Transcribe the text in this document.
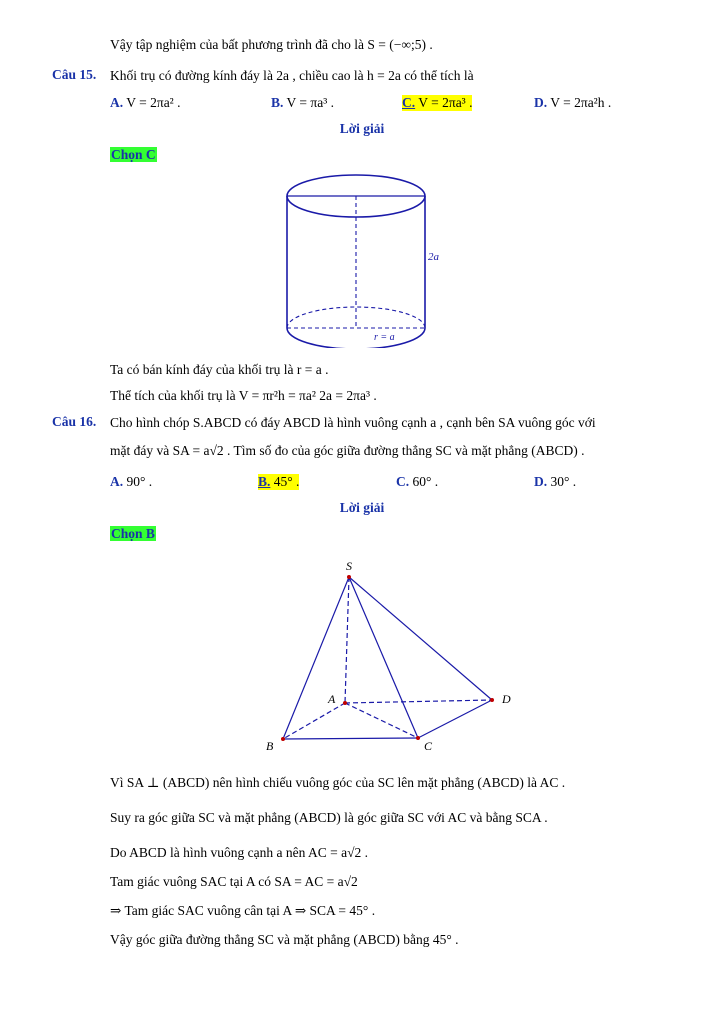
Vậy tập nghiệm của bất phương trình đã cho là S = (−∞;5) .
Câu 15. Khối trụ có đường kính đáy là 2a , chiều cao là h = 2a có thể tích là
A. V = 2πa² .	B. V = πa³ .	C. V = 2πa³ .	D. V = 2πa²h .
Lời giải
Chọn C
2a
r = a
Ta có bán kính đáy của khối trụ là r = a .
Thể tích của khối trụ là V = πr²h = πa² 2a = 2πa³ .
Câu 16. Cho hình chóp S.ABCD có đáy ABCD là hình vuông cạnh a , cạnh bên SA vuông góc với
mặt đáy và SA = a√2 . Tìm số đo của góc giữa đường thẳng SC và mặt phẳng (ABCD) .
A. 90° .	B. 45° .	C. 60° .	D. 30° .
Lời giải
Chọn B
S
A
B	C
D
Vì SA ⊥ (ABCD) nên hình chiếu vuông góc của SC lên mặt phẳng (ABCD) là AC .
Suy ra góc giữa SC và mặt phẳng (ABCD) là góc giữa SC với AC và bằng SCA .
Do ABCD là hình vuông cạnh a nên AC = a√2 .
Tam giác vuông SAC tại A có SA = AC = a√2
⇒ Tam giác SAC vuông cân tại A ⇒ SCA = 45° .
Vậy góc giữa đường thẳng SC và mặt phẳng (ABCD) bằng 45° .
